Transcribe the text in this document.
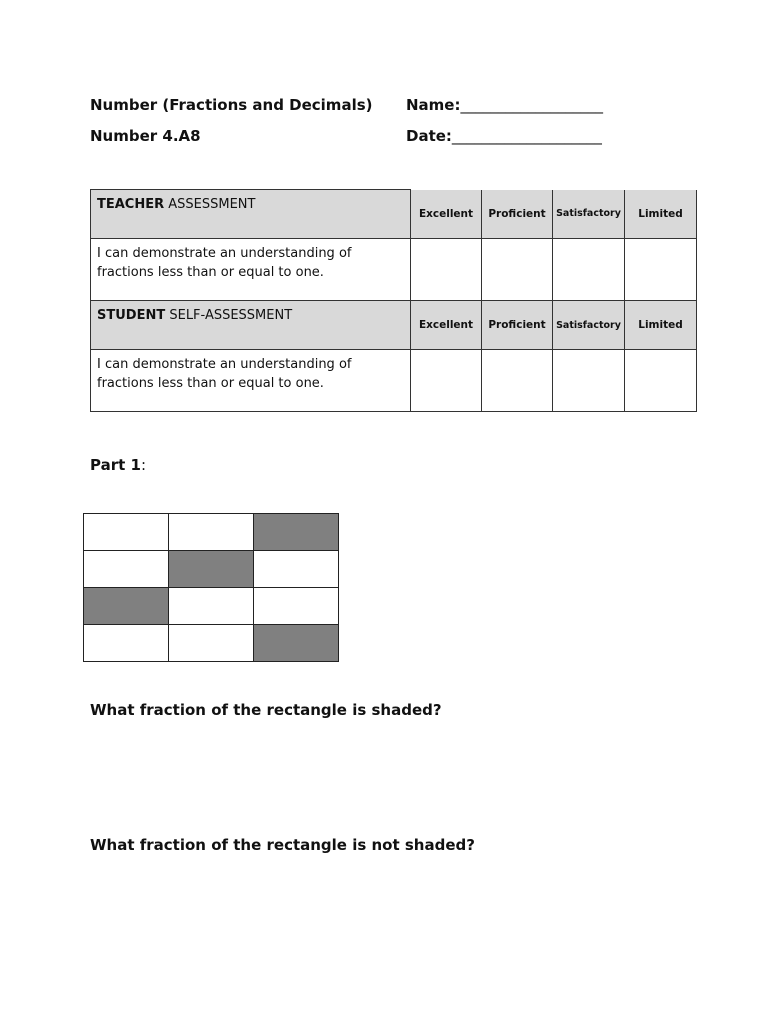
Number (Fractions and Decimals)
Number 4.A8
Name:___________________
Date:____________________
TEACHER ASSESSMENT	Excellent	Proficient	Satisfactory	Limited
I can demonstrate an understanding of
fractions less than or equal to one.				
STUDENT SELF-ASSESSMENT	Excellent	Proficient	Satisfactory	Limited
I can demonstrate an understanding of
fractions less than or equal to one.				
Part 1:

What fraction of the rectangle is shaded?
What fraction of the rectangle is not shaded?
